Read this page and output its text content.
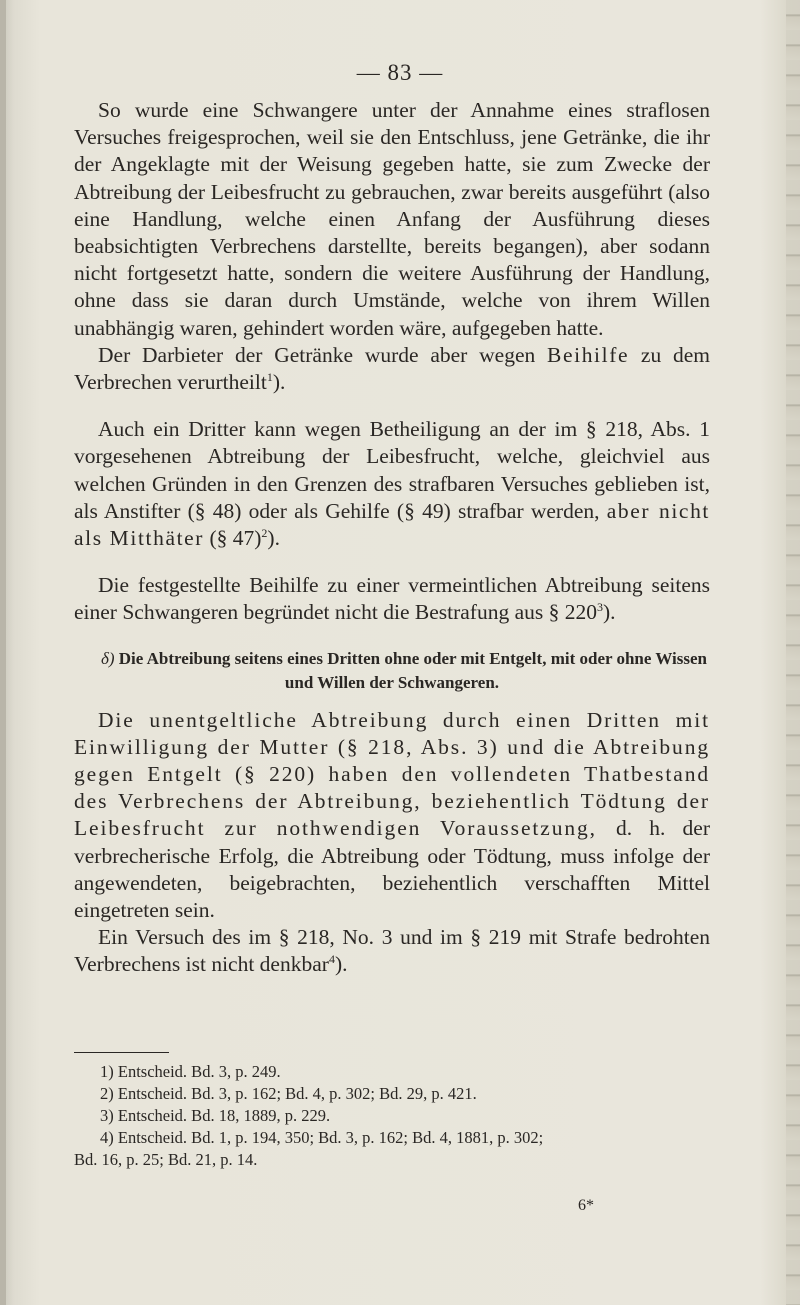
— 83 —

So wurde eine Schwangere unter der Annahme eines straflosen Versuches freigesprochen, weil sie den Entschluss, jene Getränke, die ihr der Angeklagte mit der Weisung gegeben hatte, sie zum Zwecke der Abtreibung der Leibesfrucht zu gebrauchen, zwar bereits ausgeführt (also eine Handlung, welche einen Anfang der Ausführung dieses beabsichtigten Verbrechens darstellte, bereits begangen), aber sodann nicht fortgesetzt hatte, sondern die weitere Ausführung der Handlung, ohne dass sie daran durch Umstände, welche von ihrem Willen unabhängig waren, gehindert worden wäre, aufgegeben hatte.

Der Darbieter der Getränke wurde aber wegen Beihilfe zu dem Verbrechen verurtheilt$^1$).

Auch ein Dritter kann wegen Betheiligung an der im § 218, Abs. 1 vorgesehenen Abtreibung der Leibesfrucht, welche, gleichviel aus welchen Gründen in den Grenzen des strafbaren Versuches geblieben ist, als Anstifter (§ 48) oder als Gehilfe (§ 49) strafbar werden, aber nicht als Mitthäter (§ 47)$^2$).

Die festgestellte Beihilfe zu einer vermeintlichen Abtreibung seitens einer Schwangeren begründet nicht die Bestrafung aus § $220^3$).

δ) Die Abtreibung seitens eines Dritten ohne oder mit Entgelt, mit oder ohne Wissen und Willen der Schwangeren.

Die unentgeltliche Abtreibung durch einen Dritten mit Einwilligung der Mutter (§ 218, Abs. 3) und die Abtreibung gegen Entgelt (§ 220) haben den vollendeten Thatbestand des Verbrechens der Abtreibung, beziehentlich Tödtung der Leibesfrucht zur nothwendigen Voraussetzung, d. h. der verbrecherische Erfolg, die Abtreibung oder Tödtung, muss infolge der angewendeten, beigebrachten, beziehentlich verschafften Mittel eingetreten sein.

Ein Versuch des im § 218, No. 3 und im § 219 mit Strafe bedrohten Verbrechens ist nicht denkbar$^4$).

1) Entscheid. Bd. 3, p. 249.

2) Entscheid. Bd. 3, p. 162; Bd. 4, p. 302; Bd. 29, p. 421.

3) Entscheid. Bd. 18, 1889, p. 229.

4) Entscheid. Bd. 1, p. 194, 350; Bd. 3, p. 162; Bd. 4, 1881, p. 302;

Bd. 16, p. 25; Bd. 21, p. 14.

6*
